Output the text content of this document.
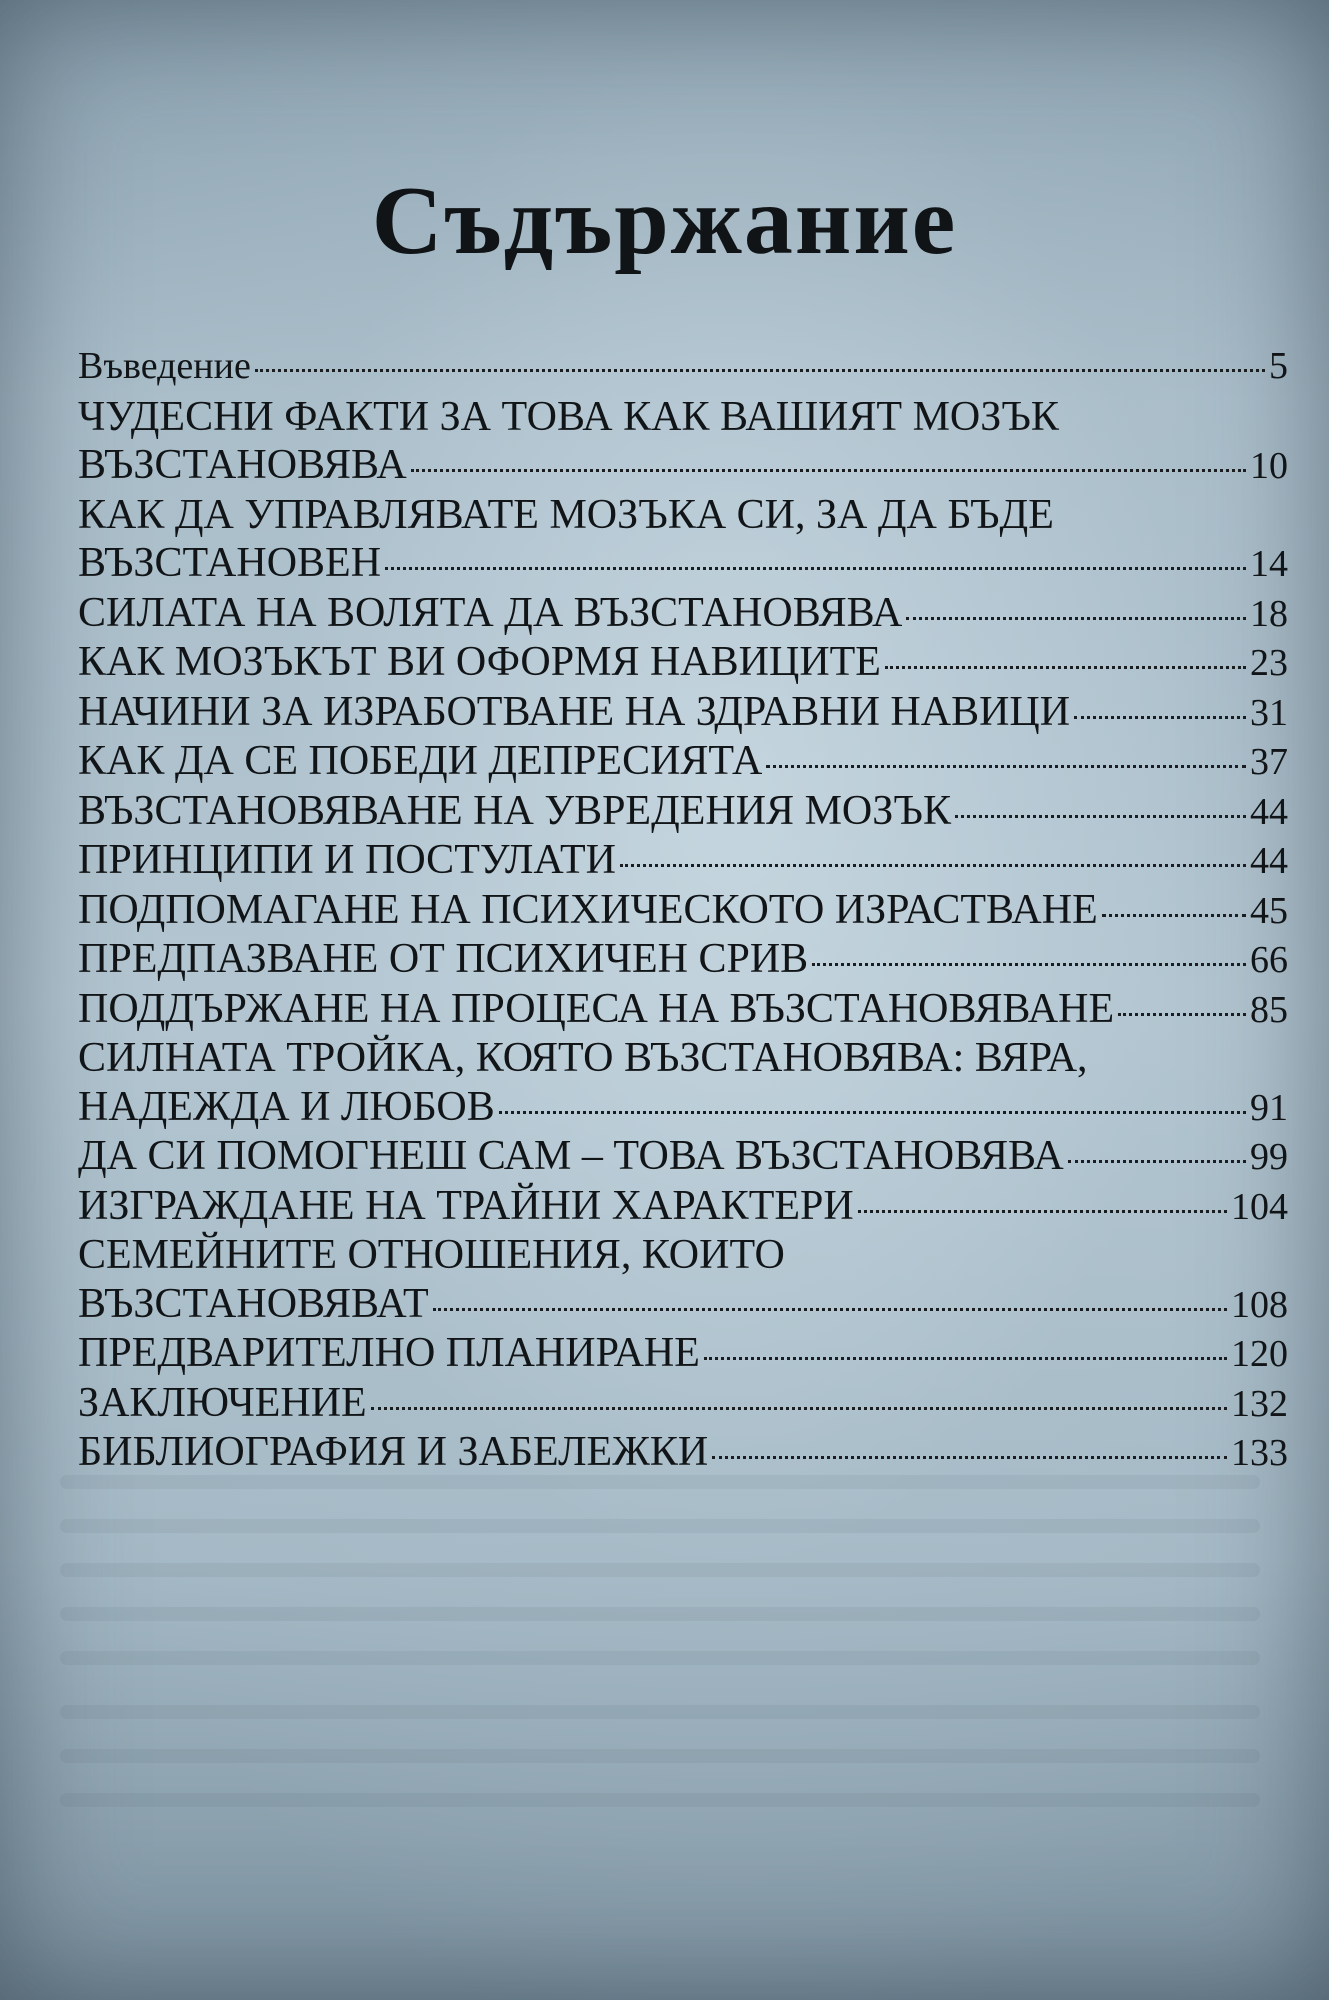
Съдържание
Въведение	5
ЧУДЕСНИ ФАКТИ ЗА ТОВА КАК ВАШИЯТ МОЗЪК
ВЪЗСТАНОВЯВА	10
КАК ДА УПРАВЛЯВАТЕ МОЗЪКА СИ, ЗА ДА БЪДЕ
ВЪЗСТАНОВЕН	14
СИЛАТА НА ВОЛЯТА ДА ВЪЗСТАНОВЯВА	18
КАК МОЗЪКЪТ ВИ ОФОРМЯ НАВИЦИТЕ	23
НАЧИНИ ЗА ИЗРАБОТВАНЕ НА ЗДРАВНИ НАВИЦИ	31
КАК ДА СЕ ПОБЕДИ ДЕПРЕСИЯТА	37
ВЪЗСТАНОВЯВАНЕ НА УВРЕДЕНИЯ МОЗЪК	44
ПРИНЦИПИ И ПОСТУЛАТИ	44
ПОДПОМАГАНЕ НА ПСИХИЧЕСКОТО ИЗРАСТВАНЕ	45
ПРЕДПАЗВАНЕ ОТ ПСИХИЧЕН СРИВ	66
ПОДДЪРЖАНЕ НА ПРОЦЕСА НА ВЪЗСТАНОВЯВАНЕ	85
СИЛНАТА ТРОЙКА, КОЯТО ВЪЗСТАНОВЯВА: ВЯРА,
НАДЕЖДА И ЛЮБОВ	91
ДА СИ ПОМОГНЕШ САМ – ТОВА ВЪЗСТАНОВЯВА	99
ИЗГРАЖДАНЕ НА ТРАЙНИ ХАРАКТЕРИ	104
СЕМЕЙНИТЕ ОТНОШЕНИЯ, КОИТО
ВЪЗСТАНОВЯВАТ	108
ПРЕДВАРИТЕЛНО ПЛАНИРАНЕ	120
ЗАКЛЮЧЕНИЕ	132
БИБЛИОГРАФИЯ И ЗАБЕЛЕЖКИ	133
